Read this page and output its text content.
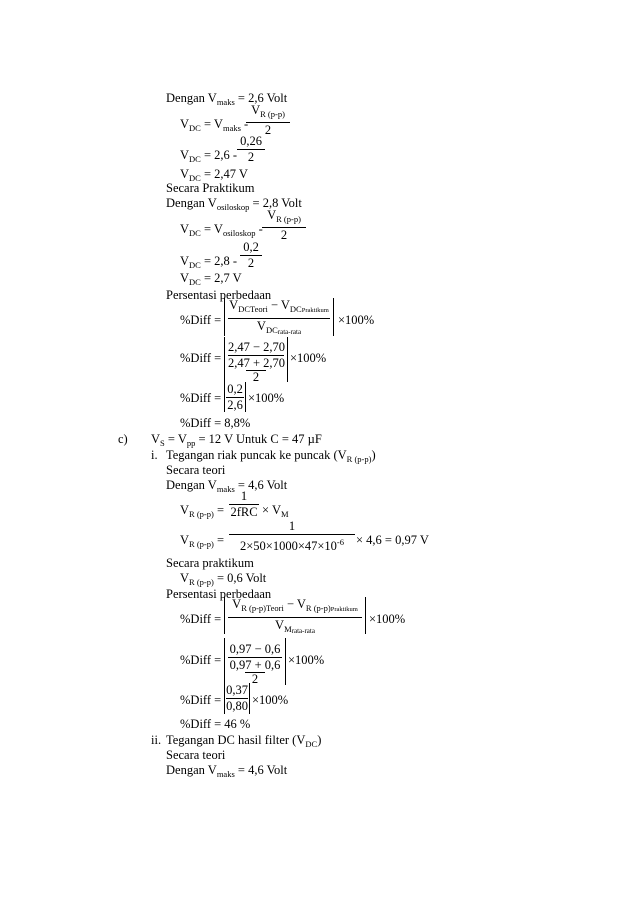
Dengan $V_{maks} = 2,6$ Volt
$V_{DC} = V_{maks}$ -
$V_{R (p-p)}$
2
$V_{DC} = 2,6$ -
0,26
2
$V_{DC} = 2,47$ V
Secara Praktikum
Dengan $V_{osiloskop} = 2,8$ Volt
$V_{DC} = V_{osiloskop}$ -
$V_{R (p-p)}$
2
$V_{DC} = 2,8$ -
0,2
2
$V_{DC} = 2,7$ V
Persentasi perbedaan
%Diff =
$V_{DCTeori} - V_{DCPraktikum}$
$V_{DCrata-rata}$
×100%
%Diff =
2,47 − 2,70
2,47 + 2,70
2
×100%
%Diff =
0,2
2,6 ×100%
%Diff = 8,8%
c) $V_S = V_{pp} = 12$ V Untuk C = 47 µF
i. Tegangan riak puncak ke puncak $(V_{R (p-p)})$
Secara teori
Dengan $V_{maks} = 4,6$ Volt
$V_{R (p-p)}$ =
1
$2fRC \times V_M$
$V_{R (p-p)}$ =
1
$2\times 50\times 1000\times 47\times 10^{-6} \times 4,6 = 0,97$ V
Secara praktikum
$V_{R (p-p)} = 0,6$ Volt
Persentasi perbedaan
%Diff =
$V_{R (p-p)Teori} - V_{R (p-p)Praktikum}$
$V_{Mrata-rata}$
×100%
%Diff =
0,97 − 0,6
0,97 + 0,6
2
×100%
%Diff =
0,37
0,80 ×100%
%Diff = 46 %
ii. Tegangan DC hasil filter $(V_{DC})$
Secara teori
Dengan $V_{maks} = 4,6$ Volt
